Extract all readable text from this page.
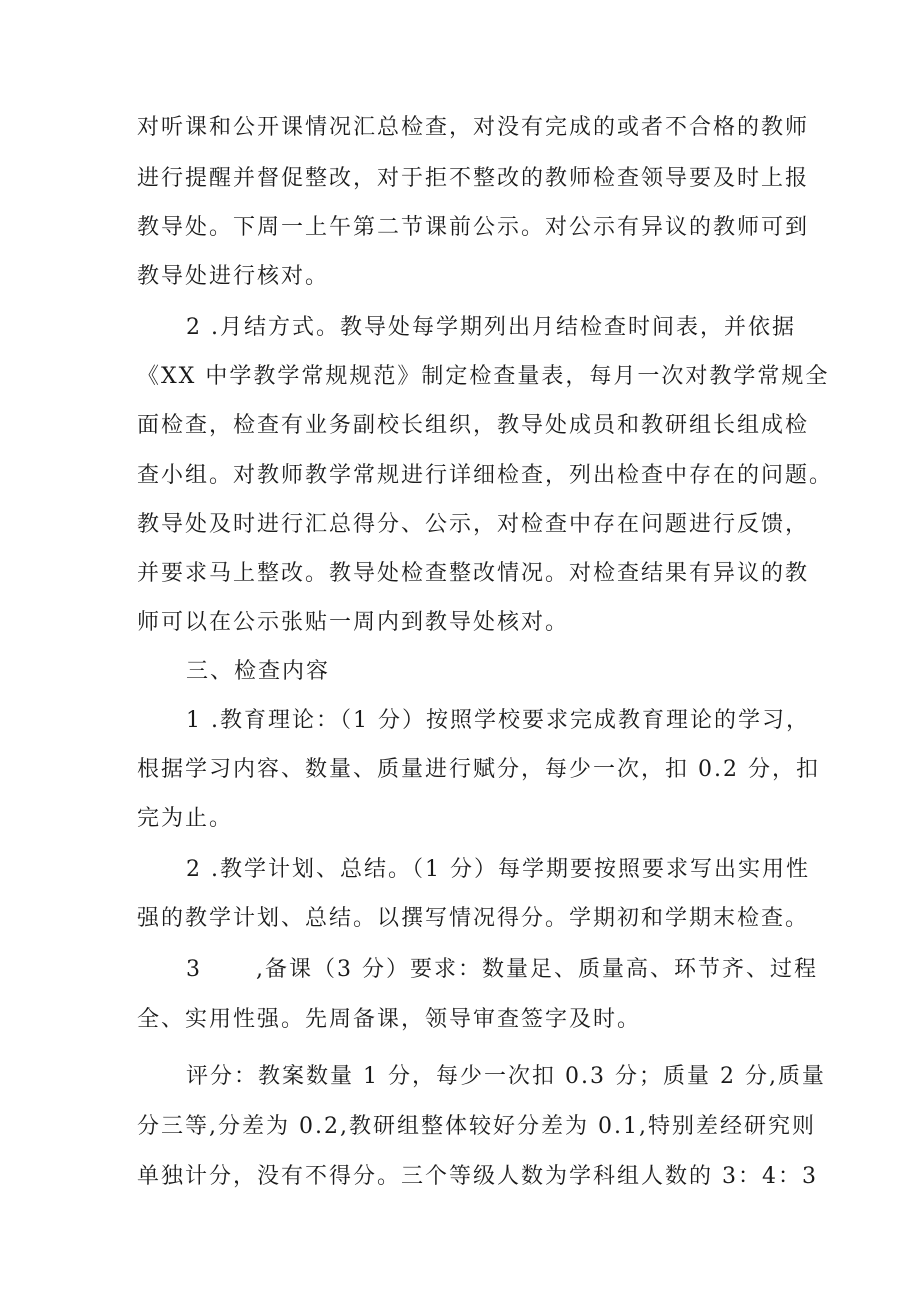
对听课和公开课情况汇总检查，对没有完成的或者不合格的教师
进行提醒并督促整改，对于拒不整改的教师检查领导要及时上报
教导处。下周一上午第二节课前公示。对公示有异议的教师可到
教导处进行核对。
2 .月结方式。教导处每学期列出月结检查时间表，并依据
《XX 中学教学常规规范》制定检查量表，每月一次对教学常规全
面检查，检查有业务副校长组织，教导处成员和教研组长组成检
查小组。对教师教学常规进行详细检查，列出检查中存在的问题。
教导处及时进行汇总得分、公示，对检查中存在问题进行反馈，
并要求马上整改。教导处检查整改情况。对检查结果有异议的教
师可以在公示张贴一周内到教导处核对。
三、检查内容
1 .教育理论：（1 分）按照学校要求完成教育理论的学习，
根据学习内容、数量、质量进行赋分，每少一次，扣 0.2 分，扣
完为止。
2 .教学计划、总结。（1 分）每学期要按照要求写出实用性
强的教学计划、总结。以撰写情况得分。学期初和学期末检查。
3      ,备课（3 分）要求：数量足、质量高、环节齐、过程
全、实用性强。先周备课，领导审查签字及时。
评分：教案数量 1 分，每少一次扣 0.3 分；质量 2 分,质量
分三等,分差为 0.2,教研组整体较好分差为 0.1,特别差经研究则
单独计分，没有不得分。三个等级人数为学科组人数的 3：4：3
